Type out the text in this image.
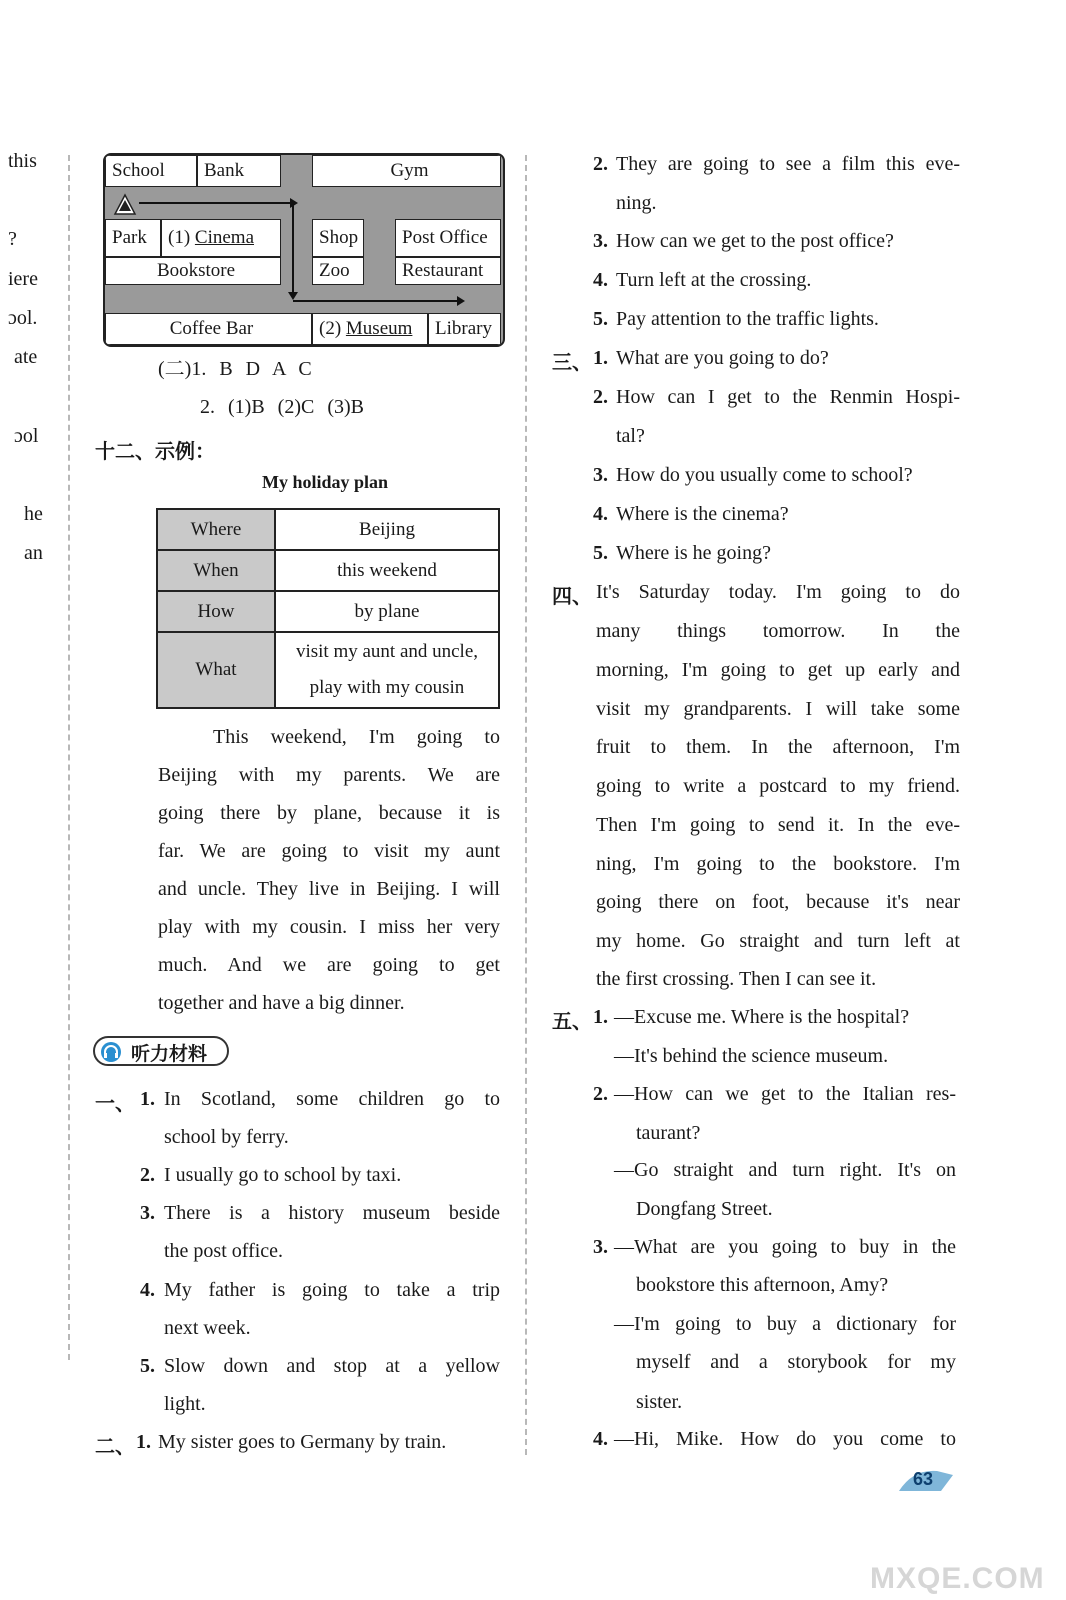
this
?
iere
ɔol.
ate
ɔol
he
an
School	Bank	Gym
Park	(1) Cinema	Shop	Post Office
Bookstore	Zoo	Restaurant
Coffee Bar	(2) Museum	Library
(二)1. B D A C
2. (1)B (2)C (3)B
十二、示例：
My holiday plan
Where	Beijing
When	this weekend
How	by plane
What	visit my aunt and uncle,
play with my cousin
This weekend, I'm going to
Beijing with my parents. We are
going there by plane, because it is
far. We are going to visit my aunt
and uncle. They live in Beijing. I will
play with my cousin. I miss her very
much. And we are going to get
together and have a big dinner.
听力材料
一、 1. In Scotland, some children go to
school by ferry.
2. I usually go to school by taxi.
3. There is a history museum beside
the post office.
4. My father is going to take a trip
next week.
5. Slow down and stop at a yellow
light.
二、 1. My sister goes to Germany by train.
2. They are going to see a film this eve-
ning.
3. How can we get to the post office?
4. Turn left at the crossing.
5. Pay attention to the traffic lights.
三、 1. What are you going to do?
2. How can I get to the Renmin Hospi-
tal?
3. How do you usually come to school?
4. Where is the cinema?
5. Where is he going?
四、 It's Saturday today. I'm going to do
many things tomorrow. In the
morning, I'm going to get up early and
visit my grandparents. I will take some
fruit to them. In the afternoon, I'm
going to write a postcard to my friend.
Then I'm going to send it. In the eve-
ning, I'm going to the bookstore. I'm
going there on foot, because it's near
my home. Go straight and turn left at
the first crossing. Then I can see it.
五、 1. —Excuse me. Where is the hospital?
—It's behind the science museum.
2. —How can we get to the Italian res-
taurant?
—Go straight and turn right. It's on
Dongfang Street.
3. —What are you going to buy in the
bookstore this afternoon, Amy?
—I'm going to buy a dictionary for
myself and a storybook for my
sister.
4. —Hi, Mike. How do you come to
63
MXQE.COM
